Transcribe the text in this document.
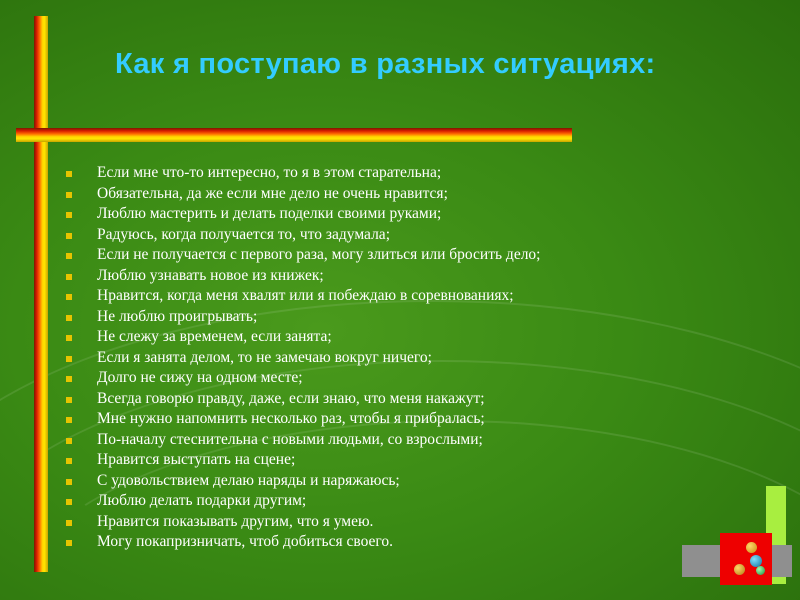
Как я поступаю в разных ситуациях:
Если мне что-то интересно, то я в этом старательна;
Обязательна, да же если мне дело не очень нравится;
Люблю мастерить и делать поделки своими руками;
Радуюсь, когда получается то, что задумала;
Если не получается с первого раза, могу злиться или бросить дело;
Люблю узнавать новое из книжек;
Нравится, когда меня хвалят или я побеждаю в соревнованиях;
Не люблю проигрывать;
Не слежу за временем, если занята;
Если я занята делом, то не замечаю вокруг ничего;
Долго не сижу на одном месте;
Всегда говорю правду, даже, если знаю, что меня накажут;
Мне нужно напомнить несколько раз, чтобы я прибралась;
По-началу стеснительна с новыми людьми, со взрослыми;
Нравится выступать на сцене;
С удовольствием делаю наряды и наряжаюсь;
Люблю делать подарки другим;
Нравится показывать другим, что я умею.
Могу покапризничать, чтоб добиться своего.
